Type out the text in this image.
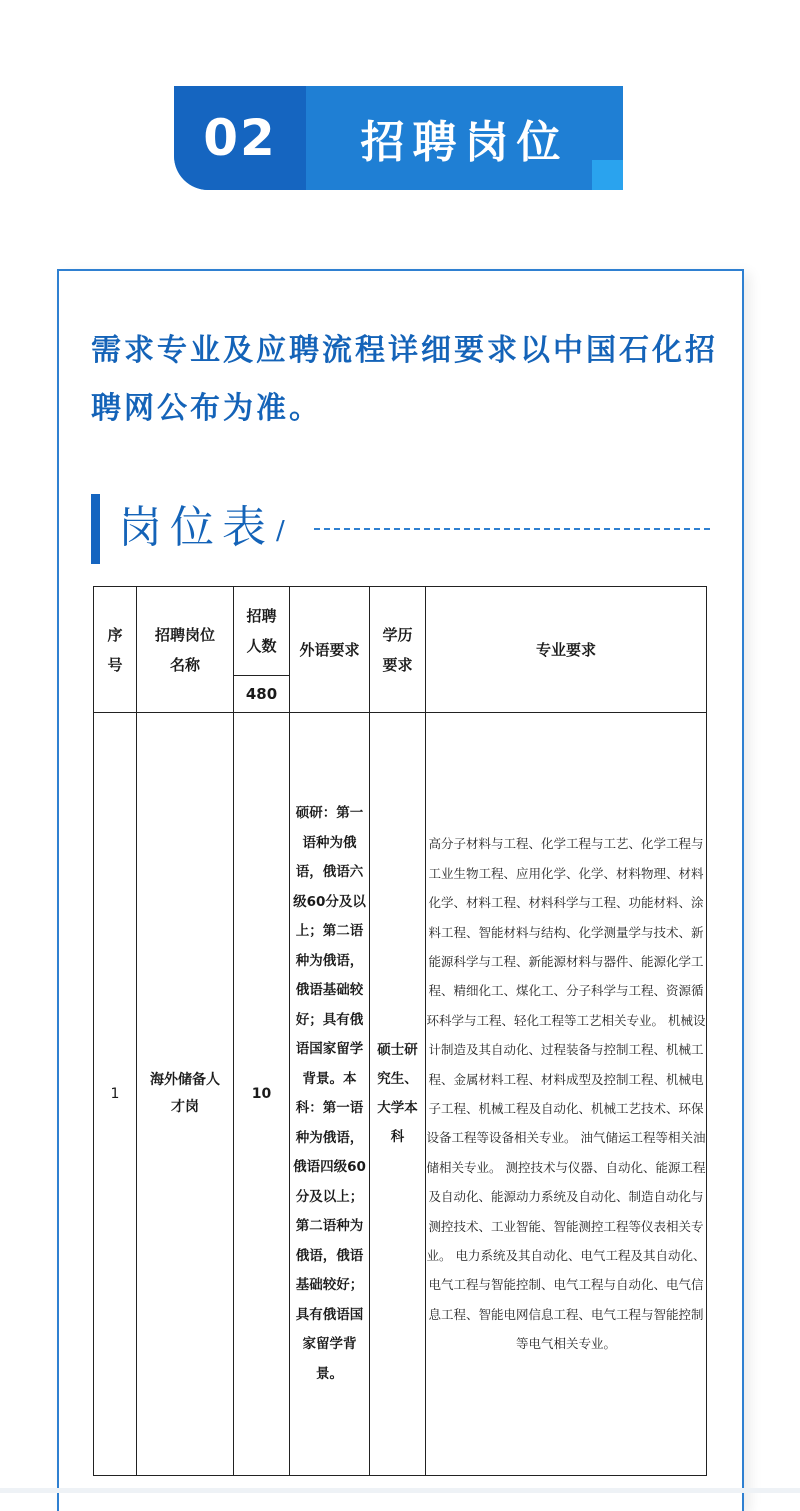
02	招聘岗位
需求专业及应聘流程详细要求以中国石化招聘网公布为准。
岗位表 /
序号	招聘岗位名称	招聘人数	外语要求	学历要求	专业要求

		480			
1	海外储备人才岗	10	硕研：第一语种为俄语，俄语六级60分及以上；第二语种为俄语，俄语基础较好；具有俄语国家留学背景。本科：第一语种为俄语，俄语四级60分及以上；第二语种为俄语，俄语基础较好；具有俄语国家留学背景。	硕士研究生、大学本科	高分子材料与工程、化学工程与工艺、化学工程与工业生物工程、应用化学、化学、材料物理、材料化学、材料工程、材料科学与工程、功能材料、涂料工程、智能材料与结构、化学测量学与技术、新能源科学与工程、新能源材料与器件、能源化学工程、精细化工、煤化工、分子科学与工程、资源循环科学与工程、轻化工程等工艺相关专业。 机械设计制造及其自动化、过程装备与控制工程、机械工程、金属材料工程、材料成型及控制工程、机械电子工程、机械工程及自动化、机械工艺技术、环保设备工程等设备相关专业。 油气储运工程等相关油储相关专业。 测控技术与仪器、自动化、能源工程及自动化、能源动力系统及自动化、制造自动化与测控技术、工业智能、智能测控工程等仪表相关专业。 电力系统及其自动化、电气工程及其自动化、电气工程与智能控制、电气工程与自动化、电气信息工程、智能电网信息工程、电气工程与智能控制等电气相关专业。
